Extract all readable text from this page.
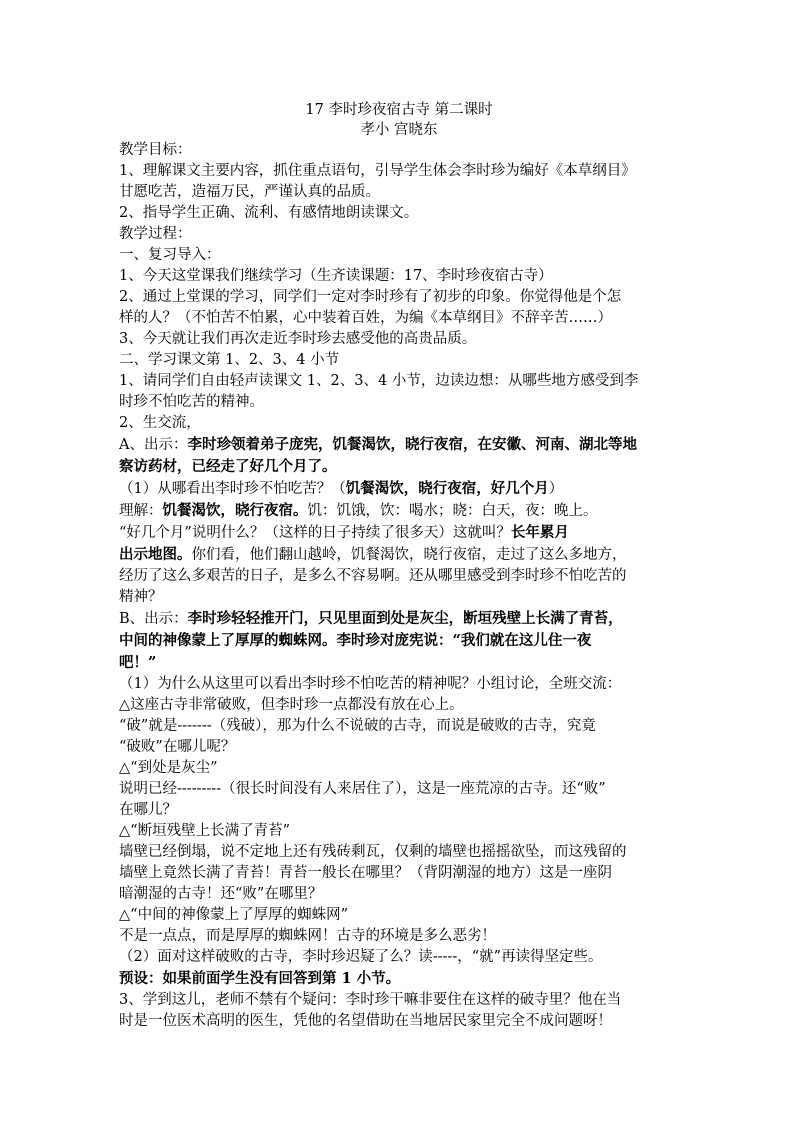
17 李时珍夜宿古寺 第二课时

孝小 宫晓东

教学目标：

1、理解课文主要内容，抓住重点语句，引导学生体会李时珍为编好《本草纲目》

甘愿吃苦，造福万民，严谨认真的品质。

2、指导学生正确、流利、有感情地朗读课文。

教学过程：

一、复习导入：

1、今天这堂课我们继续学习（生齐读课题：17、李时珍夜宿古寺）

2、通过上堂课的学习，同学们一定对李时珍有了初步的印象。你觉得他是个怎

样的人？（不怕苦不怕累，心中装着百姓，为编《本草纲目》不辞辛苦……）

3、今天就让我们再次走近李时珍去感受他的高贵品质。

二、学习课文第 1、2、3、4 小节

1、请同学们自由轻声读课文 1、2、3、4 小节，边读边想：从哪些地方感受到李

时珍不怕吃苦的精神。

2、生交流，

A、出示：李时珍领着弟子庞宪，饥餐渴饮，晓行夜宿，在安徽、河南、湖北等地

察访药材，已经走了好几个月了。

（1）从哪看出李时珍不怕吃苦？（饥餐渴饮，晓行夜宿，好几个月）

理解：饥餐渴饮，晓行夜宿。饥：饥饿，饮：喝水；晓：白天，夜：晚上。

“好几个月”说明什么？（这样的日子持续了很多天）这就叫？长年累月

出示地图。你们看，他们翻山越岭，饥餐渴饮，晓行夜宿，走过了这么多地方，

经历了这么多艰苦的日子，是多么不容易啊。还从哪里感受到李时珍不怕吃苦的

精神？

B、出示：李时珍轻轻推开门，只见里面到处是灰尘，断垣残壁上长满了青苔，

中间的神像蒙上了厚厚的蜘蛛网。李时珍对庞宪说：“我们就在这儿住一夜

吧！”

（1）为什么从这里可以看出李时珍不怕吃苦的精神呢？小组讨论，全班交流：

△这座古寺非常破败，但李时珍一点都没有放在心上。

“破”就是-------（残破），那为什么不说破的古寺，而说是破败的古寺，究竟

“破败”在哪儿呢？

△“到处是灰尘”

说明已经---------（很长时间没有人来居住了），这是一座荒凉的古寺。还“败”

在哪儿？

△“断垣残壁上长满了青苔”

墙壁已经倒塌，说不定地上还有残砖剩瓦，仅剩的墙壁也摇摇欲坠，而这残留的

墙壁上竟然长满了青苔！青苔一般长在哪里？（背阴潮湿的地方）这是一座阴

暗潮湿的古寺！还“败”在哪里？

△“中间的神像蒙上了厚厚的蜘蛛网”

不是一点点，而是厚厚的蜘蛛网！古寺的环境是多么恶劣！

（2）面对这样破败的古寺，李时珍迟疑了么？读-----，“就”再读得坚定些。

预设：如果前面学生没有回答到第 1 小节。

3、学到这儿，老师不禁有个疑问：李时珍干嘛非要住在这样的破寺里？他在当

时是一位医术高明的医生，凭他的名望借助在当地居民家里完全不成问题呀！
